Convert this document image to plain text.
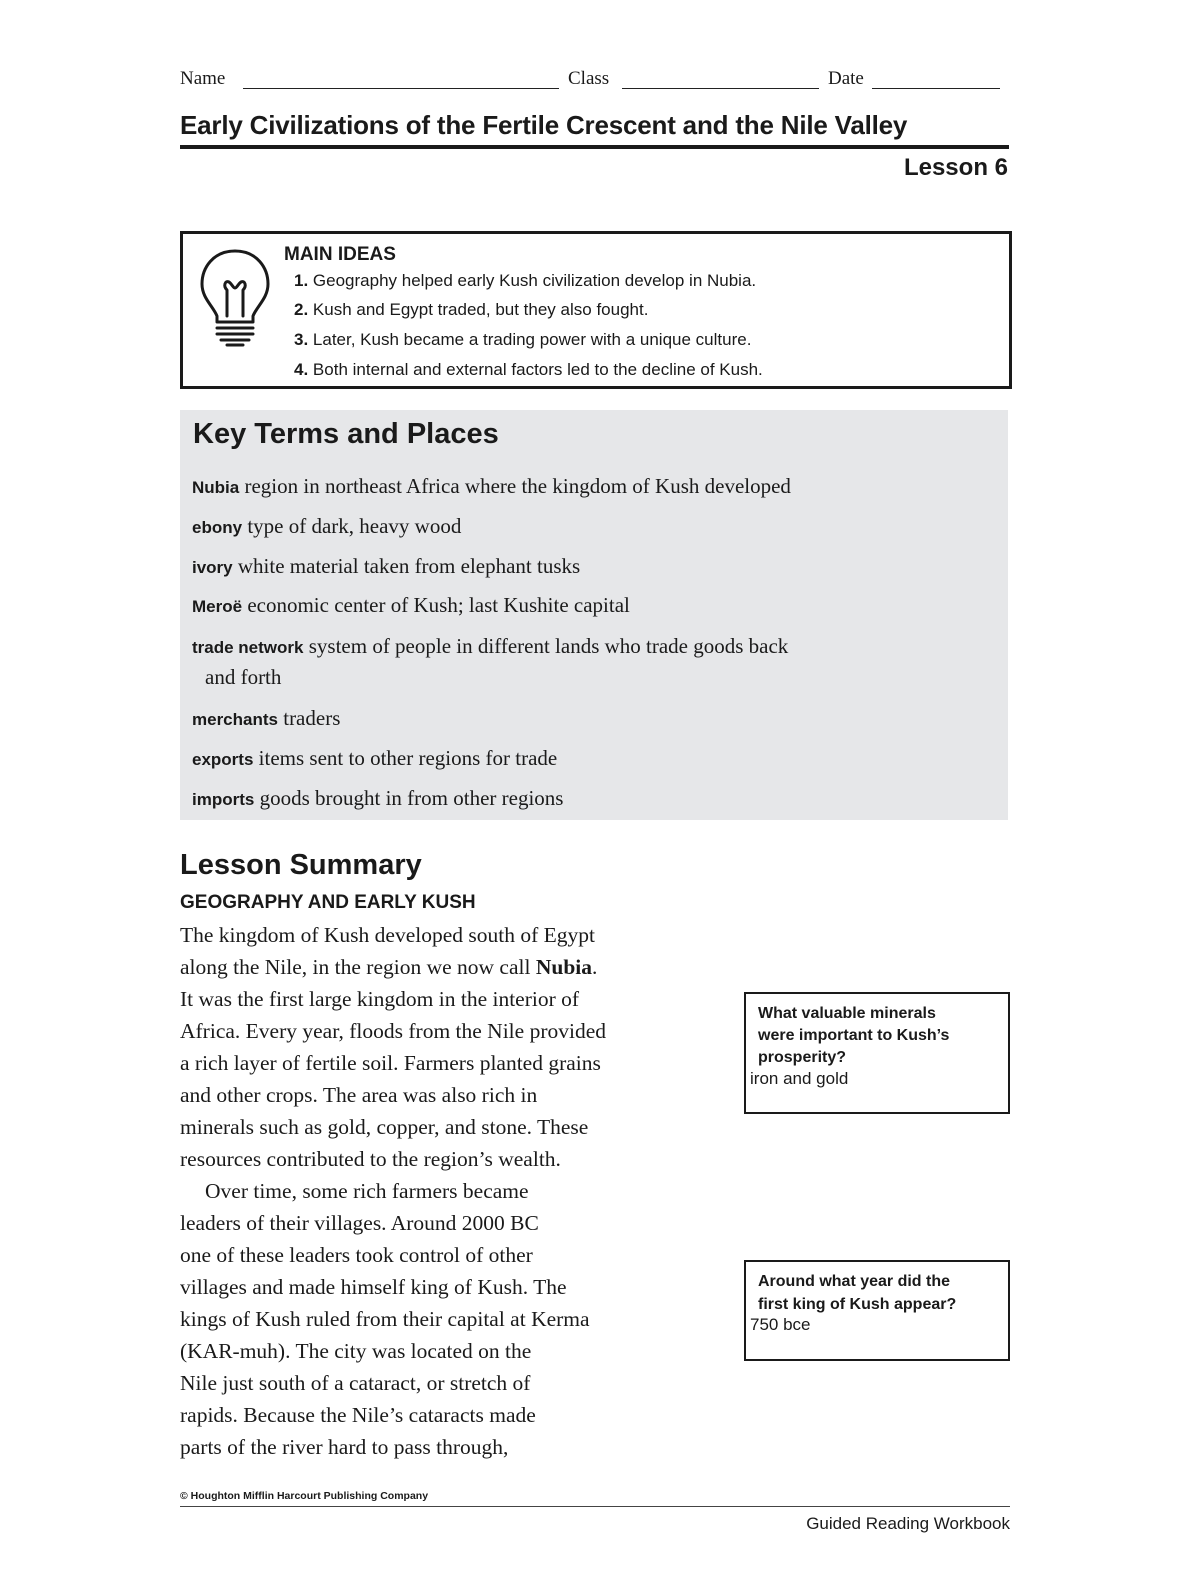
Name	Class	Date
Early Civilizations of the Fertile Crescent and the Nile Valley
Lesson 6
MAIN IDEAS
1. Geography helped early Kush civilization develop in Nubia.
2. Kush and Egypt traded, but they also fought.
3. Later, Kush became a trading power with a unique culture.
4. Both internal and external factors led to the decline of Kush.
Key Terms and Places
Nubia region in northeast Africa where the kingdom of Kush developed
ebony type of dark, heavy wood
ivory white material taken from elephant tusks
Meroë economic center of Kush; last Kushite capital
trade network system of people in different lands who trade goods back
and forth
merchants traders
exports items sent to other regions for trade
imports goods brought in from other regions
Lesson Summary
GEOGRAPHY AND EARLY KUSH
The kingdom of Kush developed south of Egypt
along the Nile, in the region we now call Nubia.
It was the first large kingdom in the interior of
Africa. Every year, floods from the Nile provided
a rich layer of fertile soil. Farmers planted grains
and other crops. The area was also rich in
minerals such as gold, copper, and stone. These
resources contributed to the region’s wealth.
Over time, some rich farmers became
leaders of their villages. Around 2000 BC
one of these leaders took control of other
villages and made himself king of Kush. The
kings of Kush ruled from their capital at Kerma
(KAR-muh). The city was located on the
Nile just south of a cataract, or stretch of
rapids. Because the Nile’s cataracts made
parts of the river hard to pass through,
What valuable minerals
were important to Kush’s
prosperity?
iron and gold
Around what year did the
first king of Kush appear?
750 bce
© Houghton Mifflin Harcourt Publishing Company
Guided Reading Workbook
